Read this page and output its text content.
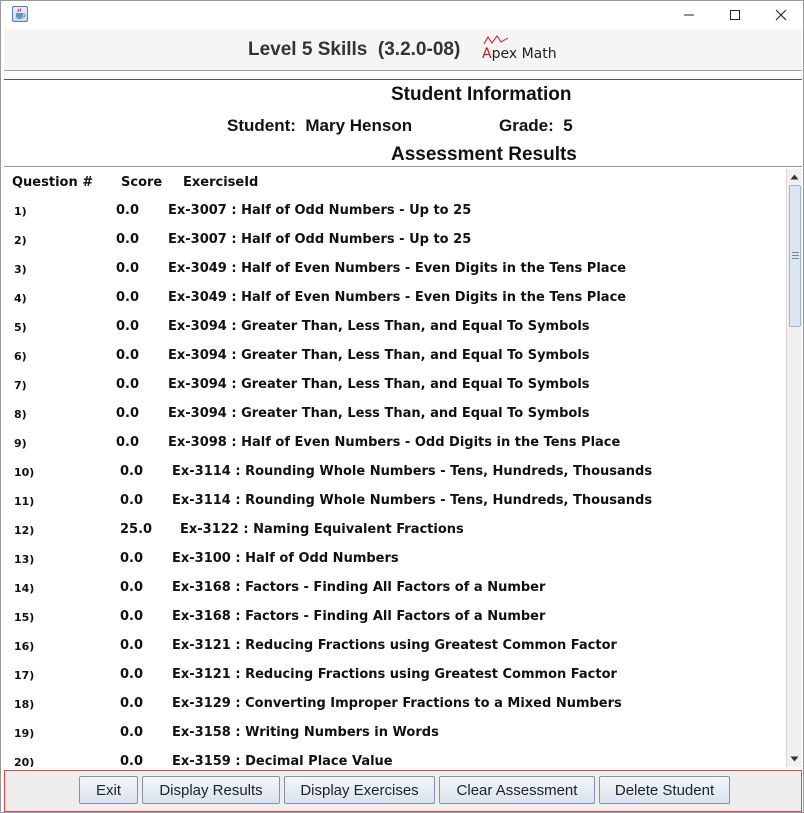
Level 5 Skills  (3.2.0-08) Apex Math
Student Information
Student:  Mary Henson	Grade:  5
Assessment Results
Question # Score ExerciseId
1)	0.0 Ex-3007 : Half of Odd Numbers - Up to 25
2)	0.0 Ex-3007 : Half of Odd Numbers - Up to 25
3)	0.0 Ex-3049 : Half of Even Numbers - Even Digits in the Tens Place
4)	0.0 Ex-3049 : Half of Even Numbers - Even Digits in the Tens Place
5)	0.0 Ex-3094 : Greater Than, Less Than, and Equal To Symbols
6)	0.0 Ex-3094 : Greater Than, Less Than, and Equal To Symbols
7)	0.0 Ex-3094 : Greater Than, Less Than, and Equal To Symbols
8)	0.0 Ex-3094 : Greater Than, Less Than, and Equal To Symbols
9)	0.0 Ex-3098 : Half of Even Numbers - Odd Digits in the Tens Place
10)	0.0 Ex-3114 : Rounding Whole Numbers - Tens, Hundreds, Thousands
11)	0.0 Ex-3114 : Rounding Whole Numbers - Tens, Hundreds, Thousands
12)	25.0 Ex-3122 : Naming Equivalent Fractions
13)	0.0 Ex-3100 : Half of Odd Numbers
14)	0.0 Ex-3168 : Factors - Finding All Factors of a Number
15)	0.0 Ex-3168 : Factors - Finding All Factors of a Number
16)	0.0 Ex-3121 : Reducing Fractions using Greatest Common Factor
17)	0.0 Ex-3121 : Reducing Fractions using Greatest Common Factor
18)	0.0 Ex-3129 : Converting Improper Fractions to a Mixed Numbers
19)	0.0 Ex-3158 : Writing Numbers in Words
20)	0.0 Ex-3159 : Decimal Place Value
Exit	Display Results	Display Exercises	Clear Assessment	Delete Student
